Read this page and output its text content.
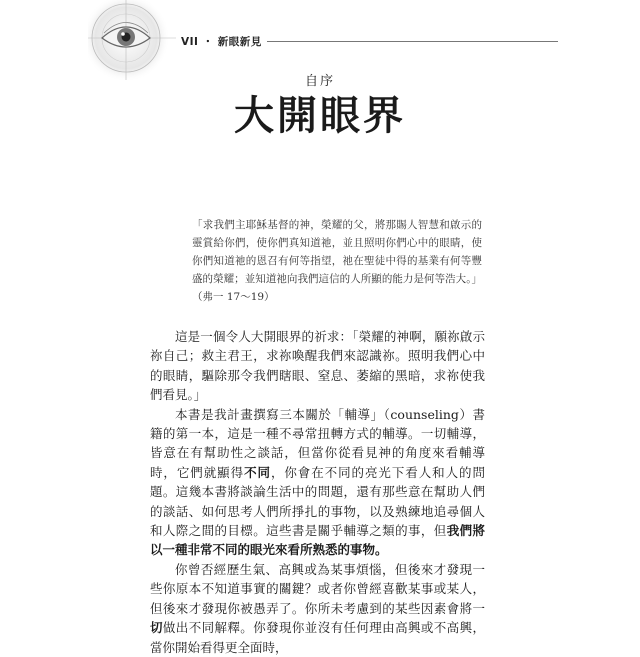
VII ・ 新眼新見
自序
大開眼界

「求我們主耶穌基督的神，榮耀的父，將那賜人智慧和啟示的靈賞給你們，使你們真知道祂，並且照明你們心中的眼睛，使你們知道祂的恩召有何等指望，祂在聖徒中得的基業有何等豐盛的榮耀；並知道祂向我們這信的人所顯的能力是何等浩大。」（弗一 17～19）

這是一個令人大開眼界的祈求：「榮耀的神啊，願祢啟示祢自己；救主君王，求祢喚醒我們來認識祢。照明我們心中的眼睛，驅除那令我們瞎眼、窒息、萎縮的黑暗，求祢使我們看見。」

本書是我計畫撰寫三本關於「輔導」（counseling）書籍的第一本，這是一種不尋常扭轉方式的輔導。一切輔導，皆意在有幫助性之談話，但當你從看見神的角度來看輔導時，它們就顯得不同，你會在不同的亮光下看人和人的問題。這幾本書將談論生活中的問題，還有那些意在幫助人們的談話、如何思考人們所掙扎的事物，以及熟練地追尋個人和人際之間的目標。這些書是關乎輔導之類的事，但我們將以一種非常不同的眼光來看所熟悉的事物。

你曾否經歷生氣、高興或為某事煩惱，但後來才發現一些你原本不知道事實的關鍵？或者你曾經喜歡某事或某人，但後來才發現你被愚弄了。你所未考慮到的某些因素會將一切做出不同解釋。你發現你並沒有任何理由高興或不高興，當你開始看得更全面時，
